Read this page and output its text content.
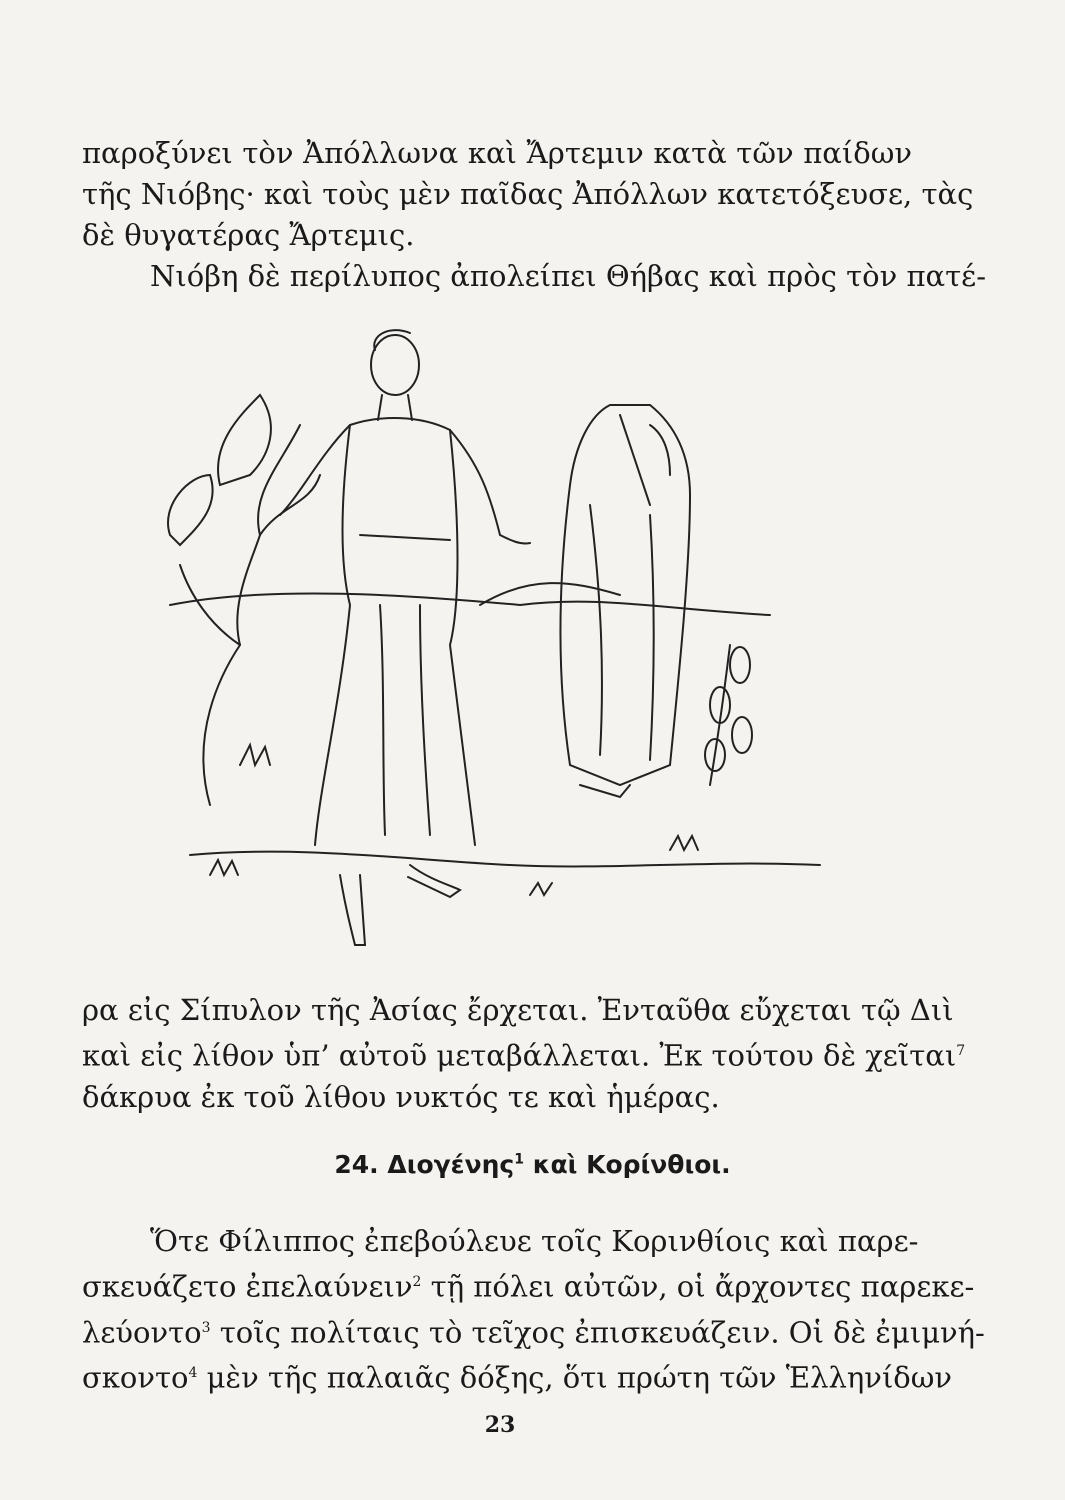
παροξύνει τὸν Ἀπόλλωνα καὶ Ἄρτεμιν κατὰ τῶν παίδων
τῆς Νιόβης· καὶ τοὺς μὲν παῖδας Ἀπόλλων κατετόξευσε, τὰς
δὲ θυγατέρας Ἄρτεμις.
Νιόβη δὲ περίλυπος ἀπολείπει Θήβας καὶ πρὸς τὸν πατέ-
ρα εἰς Σίπυλον τῆς Ἀσίας ἔρχεται. Ἐνταῦθα εὔχεται τῷ Διὶ
καὶ εἰς λίθον ὑπ’ αὐτοῦ μεταβάλλεται. Ἐκ τούτου δὲ χεῖται$^7$
δάκρυα ἐκ τοῦ λίθου νυκτός τε καὶ ἡμέρας.
24. Διογένης$^1$ καὶ Κορίνθιοι.
Ὅτε Φίλιππος ἐπεβούλευε τοῖς Κορινθίοις καὶ παρε-
σκευάζετο ἐπελαύνειν$^2$ τῇ πόλει αὐτῶν, οἱ ἄρχοντες παρεκε-
λεύοντο$^3$ τοῖς πολίταις τὸ τεῖχος ἐπισκευάζειν. Οἱ δὲ ἐμιμνή-
σκοντο$^4$ μὲν τῆς παλαιᾶς δόξης, ὅτι πρώτη τῶν Ἑλληνίδων
23
